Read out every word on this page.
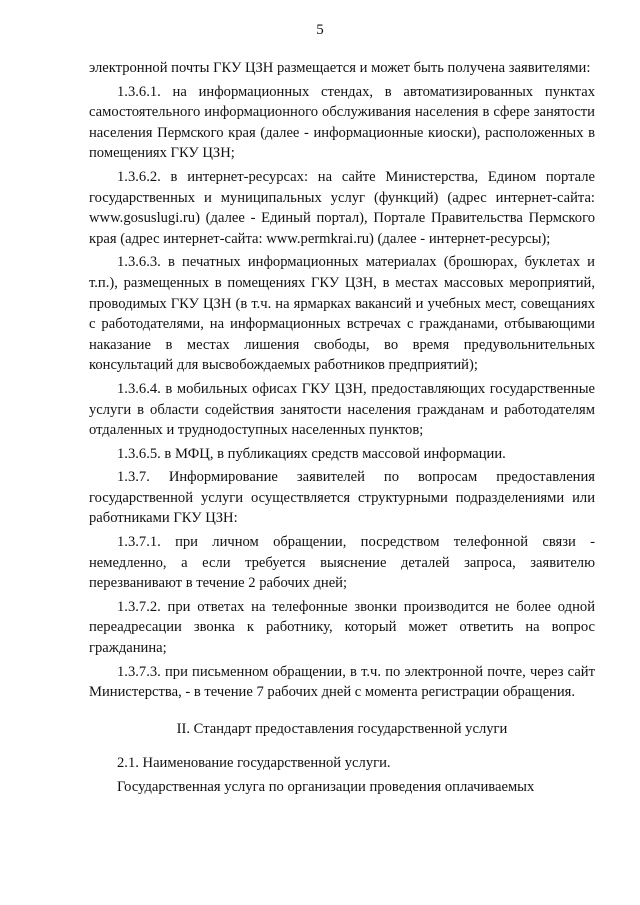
5

электронной почты ГКУ ЦЗН размещается и может быть получена заявителями:

1.3.6.1. на информационных стендах, в автоматизированных пунктах самостоятельного информационного обслуживания населения в сфере занятости населения Пермского края (далее - информационные киоски), расположенных в помещениях ГКУ ЦЗН;

1.3.6.2. в интернет-ресурсах: на сайте Министерства, Едином портале государственных и муниципальных услуг (функций) (адрес интернет-сайта: www.gosuslugi.ru) (далее - Единый портал), Портале Правительства Пермского края (адрес интернет-сайта: www.permkrai.ru) (далее - интернет-ресурсы);

1.3.6.3. в печатных информационных материалах (брошюрах, буклетах и т.п.), размещенных в помещениях ГКУ ЦЗН, в местах массовых мероприятий, проводимых ГКУ ЦЗН (в т.ч. на ярмарках вакансий и учебных мест, совещаниях с работодателями, на информационных встречах с гражданами, отбывающими наказание в местах лишения свободы, во время предувольнительных консультаций для высвобождаемых работников предприятий);

1.3.6.4. в мобильных офисах ГКУ ЦЗН, предоставляющих государственные услуги в области содействия занятости населения гражданам и работодателям отдаленных и труднодоступных населенных пунктов;

1.3.6.5. в МФЦ, в публикациях средств массовой информации.

1.3.7. Информирование заявителей по вопросам предоставления государственной услуги осуществляется структурными подразделениями или работниками ГКУ ЦЗН:

1.3.7.1. при личном обращении, посредством телефонной связи - немедленно, а если требуется выяснение деталей запроса, заявителю перезванивают в течение 2 рабочих дней;

1.3.7.2. при ответах на телефонные звонки производится не более одной переадресации звонка к работнику, который может ответить на вопрос гражданина;

1.3.7.3. при письменном обращении, в т.ч. по электронной почте, через сайт Министерства, - в течение 7 рабочих дней с момента регистрации обращения.

II. Стандарт предоставления государственной услуги

2.1. Наименование государственной услуги.

Государственная услуга по организации проведения оплачиваемых
